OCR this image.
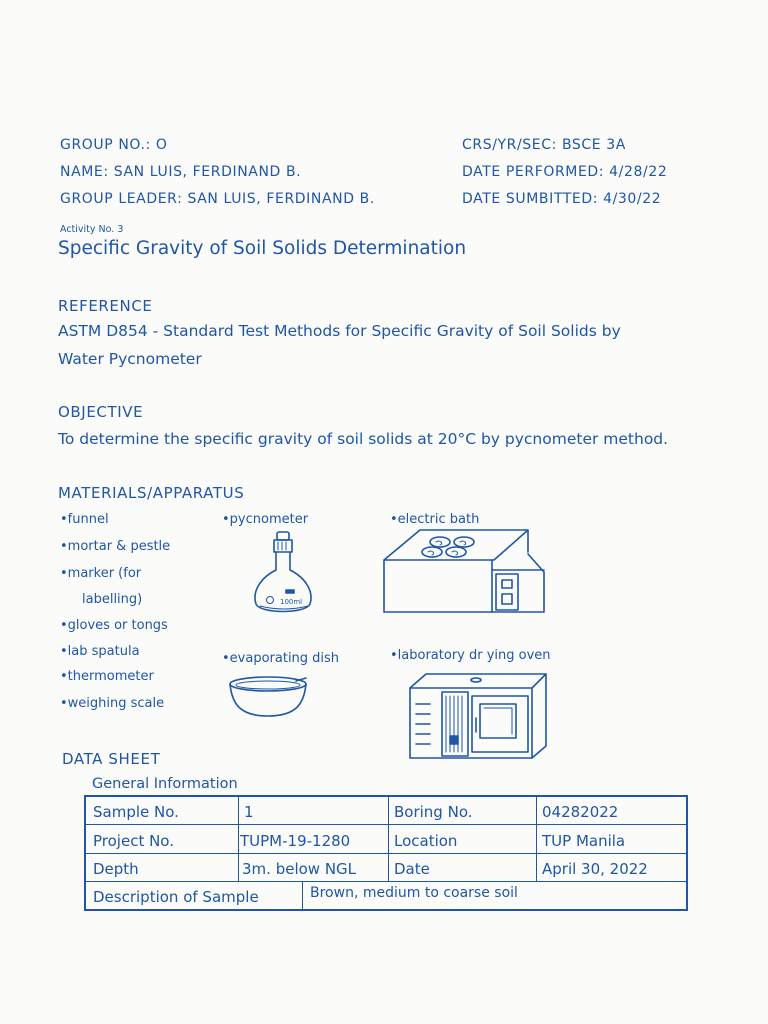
GROUP NO.: O
NAME: SAN LUIS, FERDINAND B.
GROUP LEADER: SAN LUIS, FERDINAND B.
CRS/YR/SEC: BSCE 3A
DATE PERFORMED: 4/28/22
DATE SUMBITTED: 4/30/22
Activity No. 3
Specific Gravity of Soil Solids Determination
REFERENCE
ASTM D854 - Standard Test Methods for Specific Gravity of Soil Solids by
Water Pycnometer
OBJECTIVE
To determine the specific gravity of soil solids at 20°C by pycnometer method.
MATERIALS/APPARATUS
•funnel
•mortar & pestle
•marker (for
labelling)
•gloves or tongs
•lab spatula
•thermometer
•weighing scale
•pycnometer	•electric bath
•evaporating dish	•laboratory dr ying oven
100ml
DATA SHEET
General Information
Sample No.	1	Boring No.	04282022
Project No.	TUPM-19-1280	Location	TUP Manila
Depth	3m. below NGL	Date	April 30, 2022
Description of Sample	Brown, medium to coarse soil
